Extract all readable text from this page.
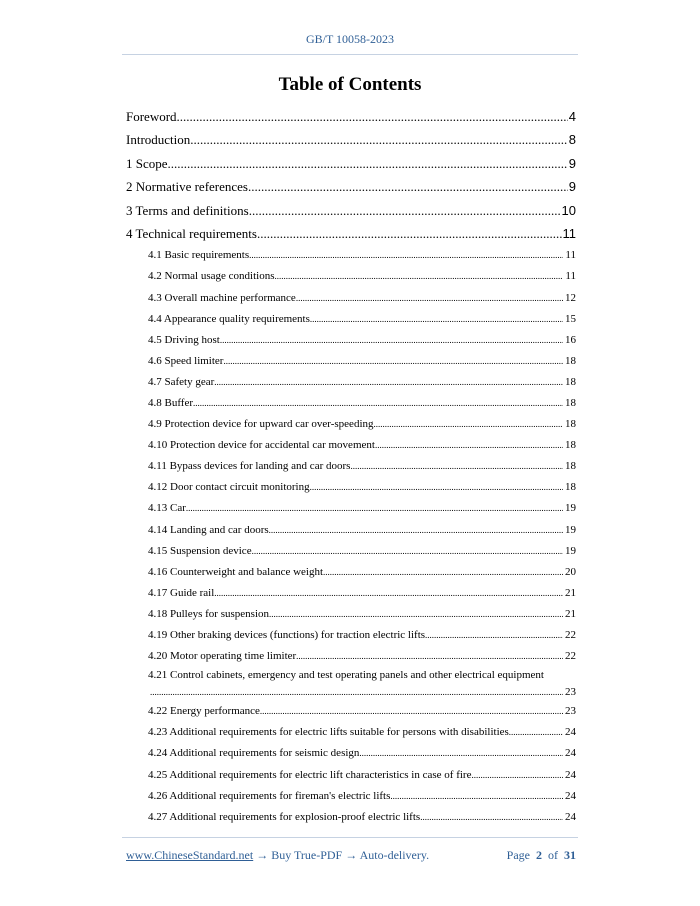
GB/T 10058-2023
Table of Contents
Foreword .....	4
Introduction .....	8
1 Scope .....	9
2 Normative references .....	9
3 Terms and definitions .....	10
4 Technical requirements .....	11
4.1 Basic requirements .....	11
4.2 Normal usage conditions .....	11
4.3 Overall machine performance .....	12
4.4 Appearance quality requirements .....	15
4.5 Driving host .....	16
4.6 Speed limiter .....	18
4.7 Safety gear .....	18
4.8 Buffer .....	18
4.9 Protection device for upward car over-speeding .....	18
4.10 Protection device for accidental car movement .....	18
4.11 Bypass devices for landing and car doors .....	18
4.12 Door contact circuit monitoring .....	18
4.13 Car .....	19
4.14 Landing and car doors .....	19
4.15 Suspension device .....	19
4.16 Counterweight and balance weight .....	20
4.17 Guide rail .....	21
4.18 Pulleys for suspension .....	21
4.19 Other braking devices (functions) for traction electric lifts .....	22
4.20 Motor operating time limiter .....	22
4.21 Control cabinets, emergency and test operating panels and other electrical equipment
.....
23
4.22 Energy performance .....	23
4.23 Additional requirements for electric lifts suitable for persons with disabilities .....	24
4.24 Additional requirements for seismic design .....	24
4.25 Additional requirements for electric lift characteristics in case of fire .....	24
4.26 Additional requirements for fireman's electric lifts .....	24
4.27 Additional requirements for explosion-proof electric lifts .....	24
www.ChineseStandard.net → Buy True-PDF → Auto-delivery.	Page 2 of 31
